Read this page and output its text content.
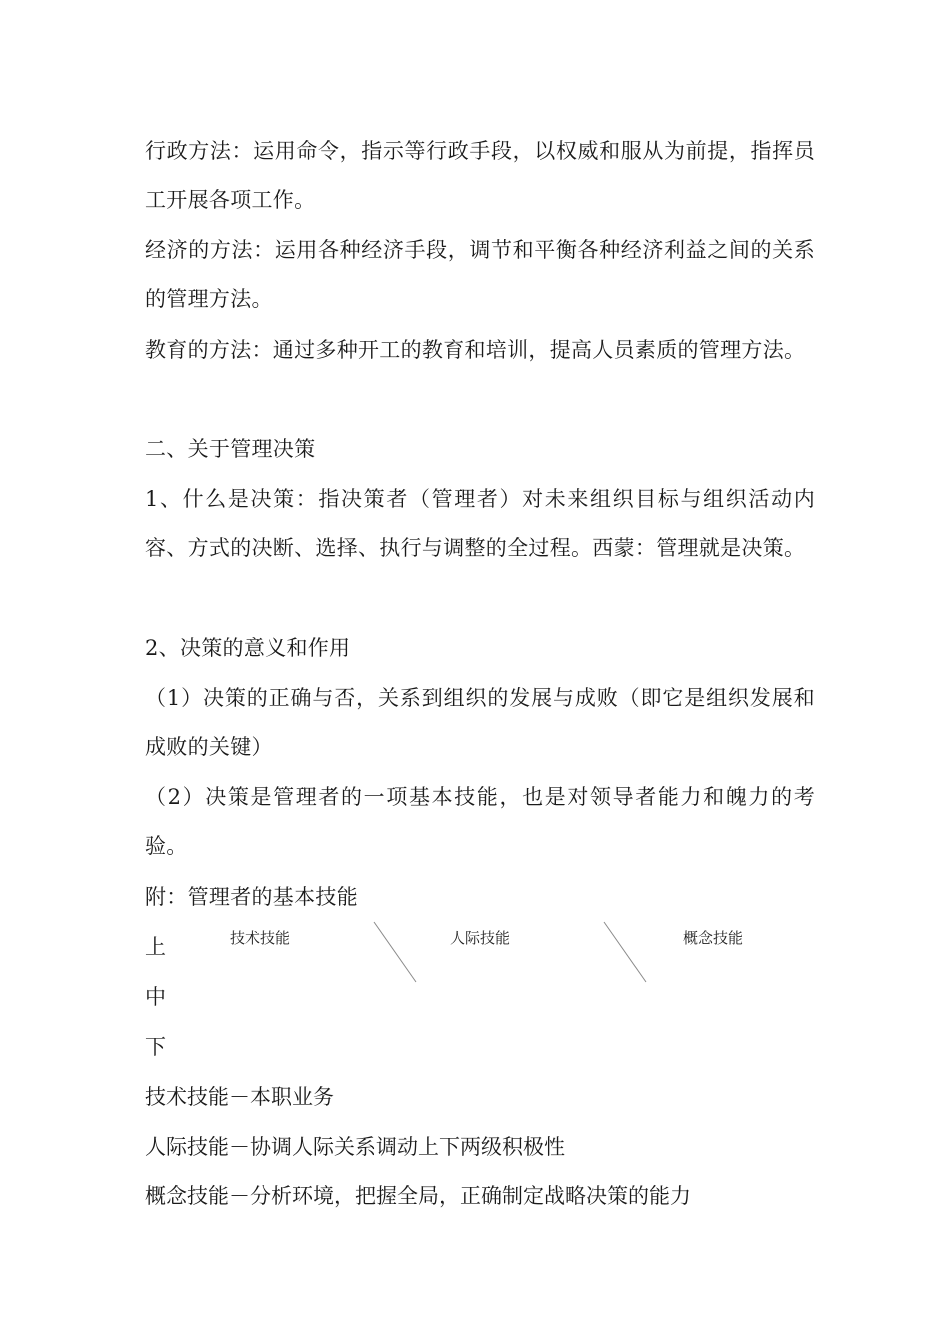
行政方法：运用命令，指示等行政手段，以权威和服从为前提，指挥员工开展各项工作。

经济的方法：运用各种经济手段，调节和平衡各种经济利益之间的关系的管理方法。

教育的方法：通过多种开工的教育和培训，提高人员素质的管理方法。

二、关于管理决策

1、什么是决策：指决策者（管理者）对未来组织目标与组织活动内容、方式的决断、选择、执行与调整的全过程。西蒙：管理就是决策。

2、决策的意义和作用

（1）决策的正确与否，关系到组织的发展与成败（即它是组织发展和成败的关键）

（2）决策是管理者的一项基本技能，也是对领导者能力和魄力的考验。

附：管理者的基本技能

上
中
下
技术技能	人际技能	概念技能
技术技能－本职业务
人际技能－协调人际关系调动上下两级积极性
概念技能－分析环境，把握全局，正确制定战略决策的能力
